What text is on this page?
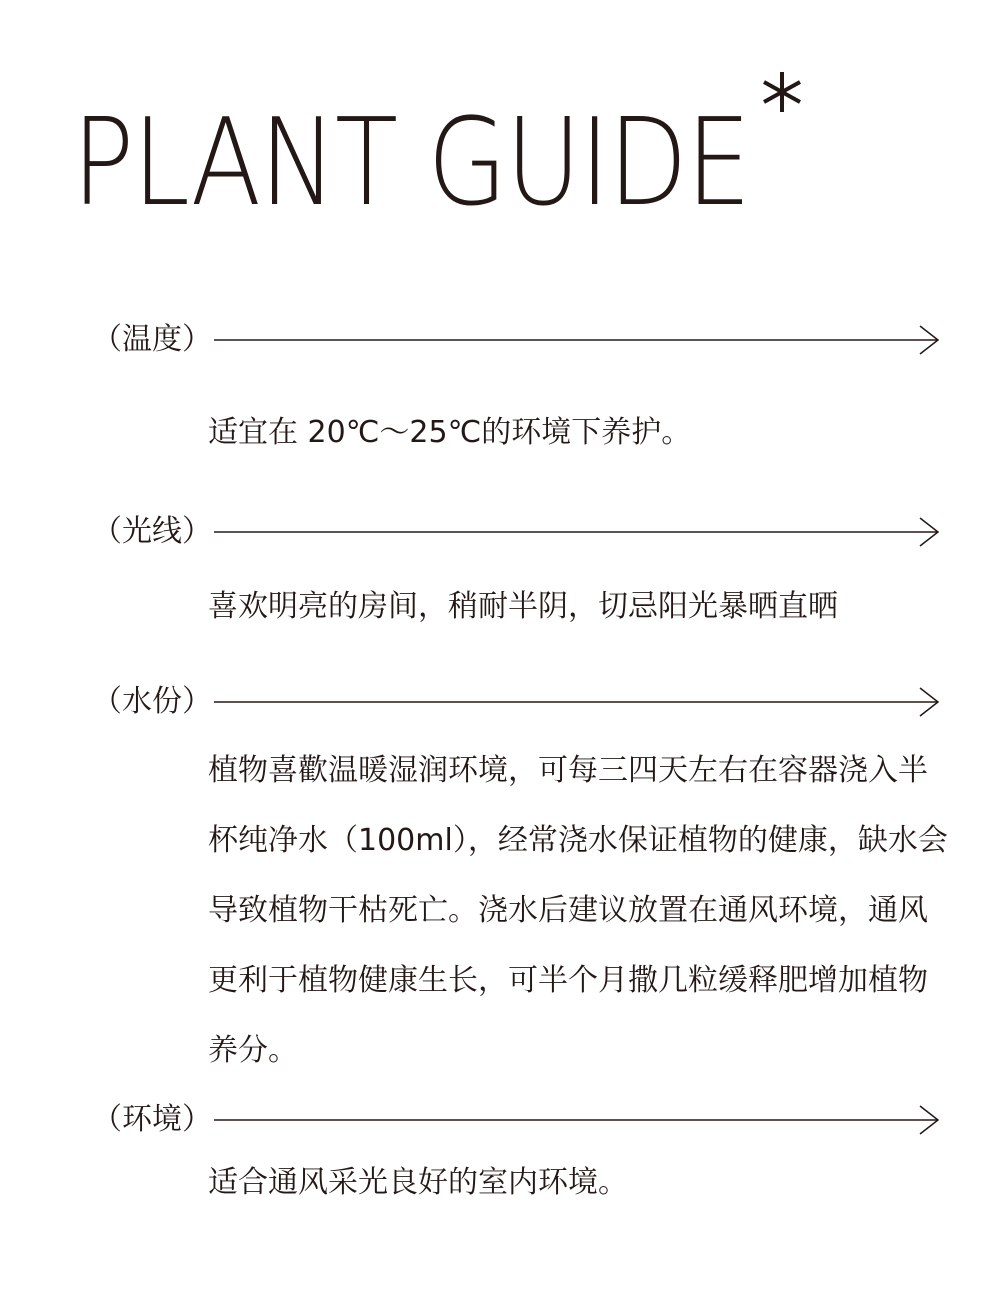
PLANT GUIDE
（温度）

适宜在 20℃～25℃的环境下养护。

（光线）

喜欢明亮的房间，稍耐半阴，切忌阳光暴晒直晒

（水份）

植物喜歡温暖湿润环境，可每三四天左右在容器浇入半杯纯净水（100ml），经常浇水保证植物的健康，缺水会导致植物干枯死亡。浇水后建议放置在通风环境，通风更利于植物健康生长，可半个月撒几粒缓释肥增加植物养分。

（环境）

适合通风采光良好的室内环境。
